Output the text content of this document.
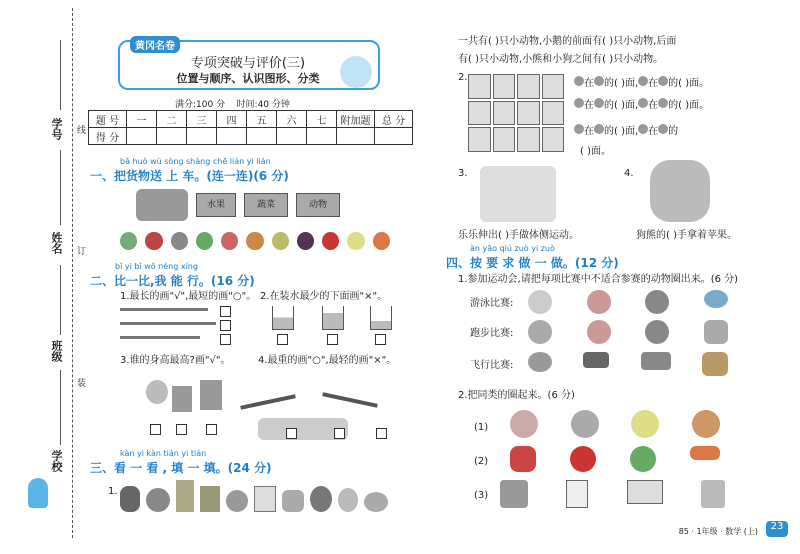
学号
姓名
班级
学校
线
订
装
黄冈名卷
专项突破与评价(三)
位置与顺序、认识图形、分类
满分:100 分 时间:40 分钟
题 号	一	二	三	四	五	六	七	附加题	总 分
得 分									
bǎ huò wù sòng shàng chē lián yi lián
一、把货物送 上 车。(连一连)(6 分)
水果	蔬菜	动物
bǐ yi bǐ wǒ néng xíng
二、比一比,我 能 行。(16 分)
1.最长的画"√",最短的画"○"。 2.在装水最少的下面画"×"。
3.谁的身高最高?画"√"。	4.最重的画"○",最轻的画"×"。
kàn yi kàn tián yi tián
三、看 一 看 , 填 一 填。(24 分)
1.
一共有( )只小动物,小鹅的前面有( )只小动物,后面
有( )只小动物,小熊和小狗之间有( )只小动物。
2.
在 的( )面, 在 的( )面。
在 的( )面, 在 的( )面。
在 的( )面, 在 的
( )面。
3.	4.
乐乐伸出( )手做体侧运动。	狗熊的( )手拿着苹果。
àn yāo qiú zuò yi zuò
四、按 要 求 做 一 做。(12 分)
1.参加运动会,请把每项比赛中不适合参赛的动物圈出来。(6 分)
游泳比赛:
跑步比赛:
飞行比赛:
2.把同类的圈起来。(6 分)
(1)
(2)
(3)
85 · 1年级 · 数学 (上)	23
